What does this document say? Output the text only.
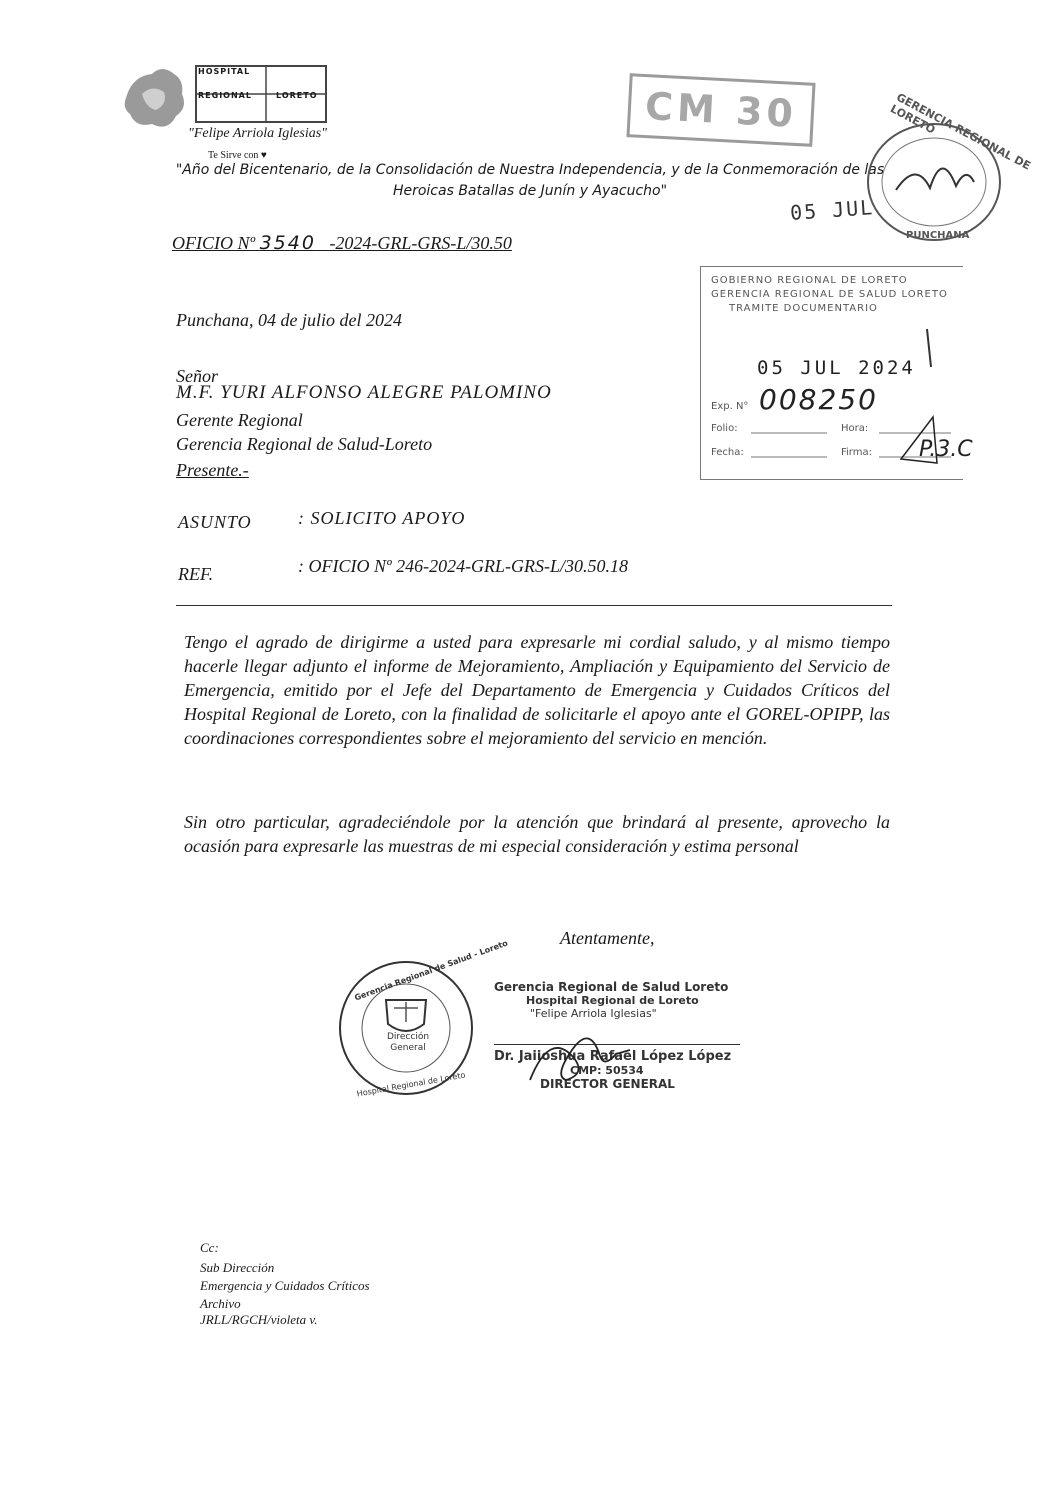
HOSPITAL
REGIONAL	LORETO
"Felipe Arriola Iglesias"
Te Sirve con ♥
"Año del Bicentenario, de la Consolidación de Nuestra Independencia, y de la Conmemoración de las
Heroicas Batallas de Junín y Ayacucho"
CM 30
05 JUL
GERENCIA REGIONAL DE LORETO
PUNCHANA
OFICIO Nº 3540 -2024-GRL-GRS-L/30.50
GOBIERNO REGIONAL DE LORETO
GERENCIA REGIONAL DE SALUD LORETO
TRAMITE DOCUMENTARIO
05 JUL 2024
Exp. N° 008250
Folio:	Hora:
Fecha:	Firma: P.3.C
Punchana, 04 de julio del 2024
Señor
M.F. YURI ALFONSO ALEGRE PALOMINO
Gerente Regional
Gerencia Regional de Salud-Loreto
Presente.-
ASUNTO	: SOLICITO APOYO
REF.	: OFICIO Nº 246-2024-GRL-GRS-L/30.50.18
Tengo el agrado de dirigirme a usted para expresarle mi cordial saludo, y al mismo tiempo hacerle llegar adjunto el informe de Mejoramiento, Ampliación y Equipamiento del Servicio de Emergencia, emitido por el Jefe del Departamento de Emergencia y Cuidados Críticos del Hospital Regional de Loreto, con la finalidad de solicitarle el apoyo ante el GOREL-OPIPP, las coordinaciones correspondientes sobre el mejoramiento del servicio en mención.
Sin otro particular, agradeciéndole por la atención que brindará al presente, aprovecho la ocasión para expresarle las muestras de mi especial consideración y estima personal
Atentamente,
Dirección
General
Gerencia Regional de Salud - Loreto
Hospital Regional de Loreto
Gerencia Regional de Salud Loreto
Hospital Regional de Loreto
"Felipe Arriola Iglesias"
Dr. Jaiioshua Rafael López López
CMP: 50534
DIRECTOR GENERAL
Cc:
Sub Dirección
Emergencia y Cuidados Críticos
Archivo
JRLL/RGCH/violeta v.
